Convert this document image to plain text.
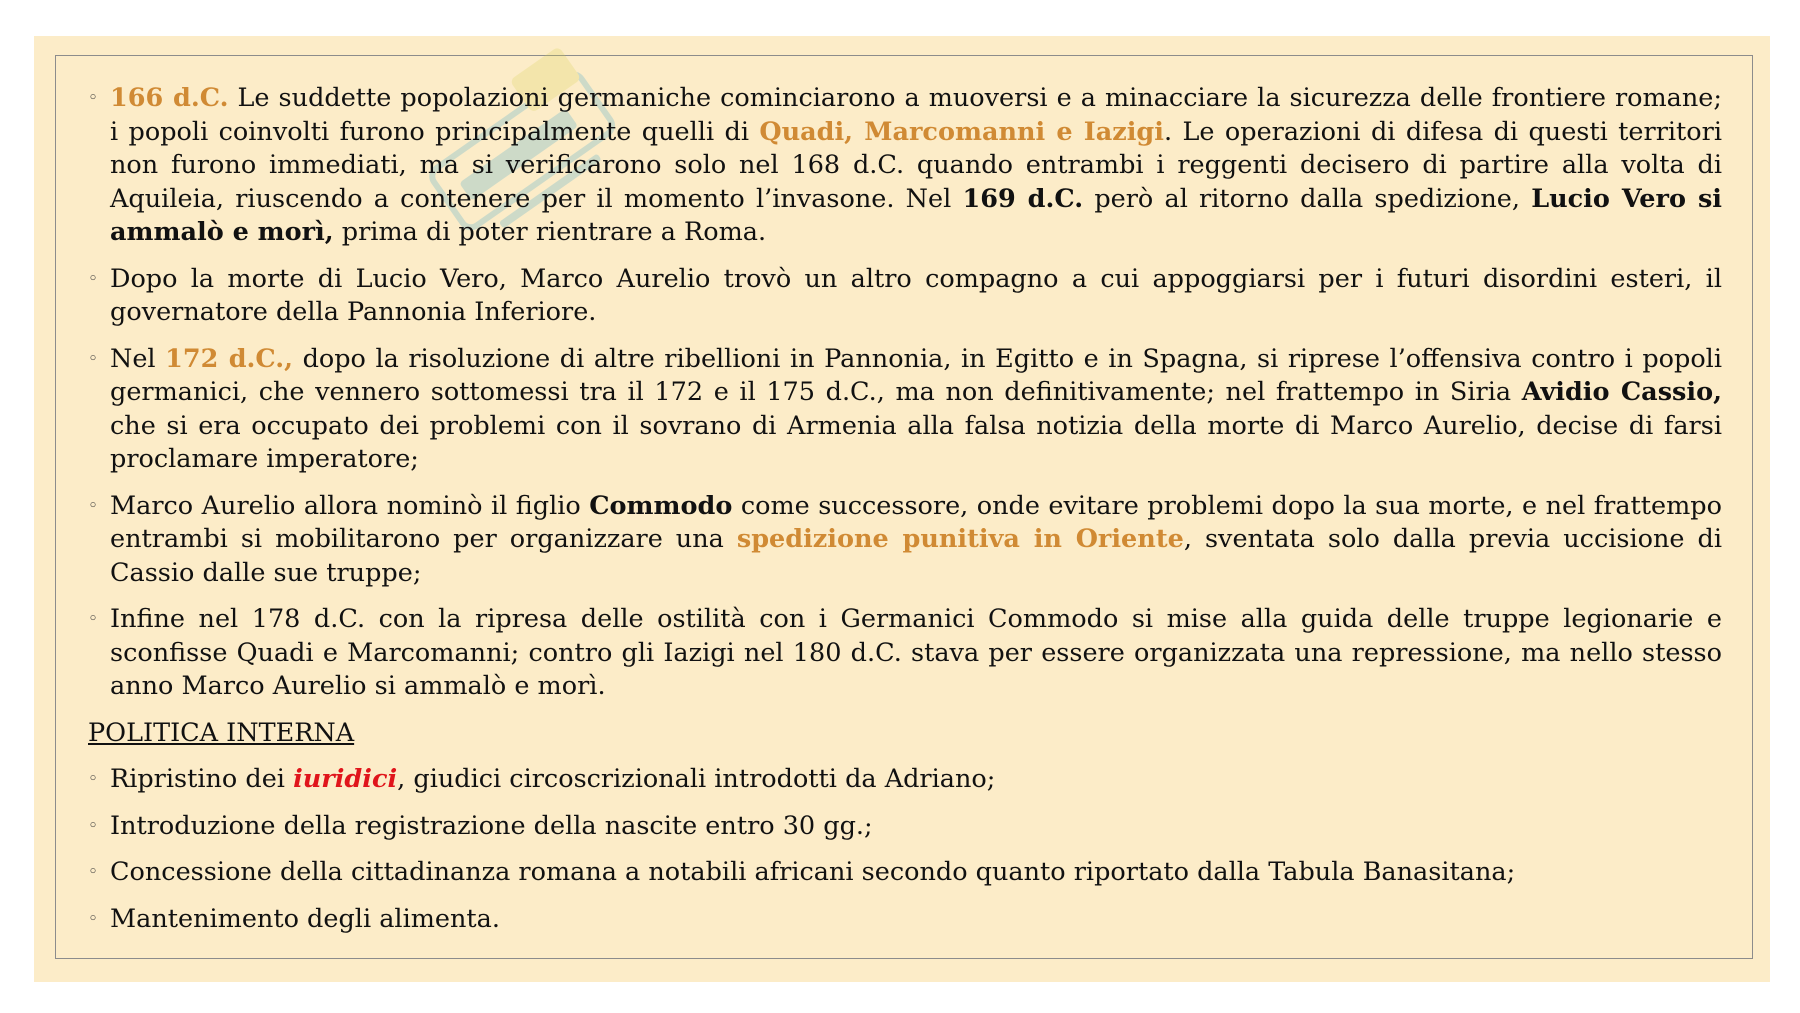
◦ 166 d.C. Le suddette popolazioni germaniche cominciarono a muoversi e a minacciare la sicurezza delle frontiere romane; i popoli coinvolti furono principalmente quelli di Quadi, Marcomanni e Iazigi. Le operazioni di difesa di questi territori non furono immediati, ma si verificarono solo nel 168 d.C. quando entrambi i reggenti decisero di partire alla volta di Aquileia, riuscendo a contenere per il momento l’invasone. Nel 169 d.C. però al ritorno dalla spedizione, Lucio Vero si ammalò e morì, prima di poter rientrare a Roma.
◦ Dopo la morte di Lucio Vero, Marco Aurelio trovò un altro compagno a cui appoggiarsi per i futuri disordini esteri, il governatore della Pannonia Inferiore.
◦ Nel 172 d.C., dopo la risoluzione di altre ribellioni in Pannonia, in Egitto e in Spagna, si riprese l’offensiva contro i popoli germanici, che vennero sottomessi tra il 172 e il 175 d.C., ma non definitivamente; nel frattempo in Siria Avidio Cassio, che si era occupato dei problemi con il sovrano di Armenia alla falsa notizia della morte di Marco Aurelio, decise di farsi proclamare imperatore;
◦ Marco Aurelio allora nominò il figlio Commodo come successore, onde evitare problemi dopo la sua morte, e nel frattempo entrambi si mobilitarono per organizzare una spedizione punitiva in Oriente, sventata solo dalla previa uccisione di Cassio dalle sue truppe;
◦ Infine nel 178 d.C. con la ripresa delle ostilità con i Germanici Commodo si mise alla guida delle truppe legionarie e sconfisse Quadi e Marcomanni; contro gli Iazigi nel 180 d.C. stava per essere organizzata una repressione, ma nello stesso anno Marco Aurelio si ammalò e morì.
POLITICA INTERNA
◦ Ripristino dei iuridici, giudici circoscrizionali introdotti da Adriano;
◦ Introduzione della registrazione della nascite entro 30 gg.;
◦ Concessione della cittadinanza romana a notabili africani secondo quanto riportato dalla Tabula Banasitana;
◦ Mantenimento degli alimenta.
